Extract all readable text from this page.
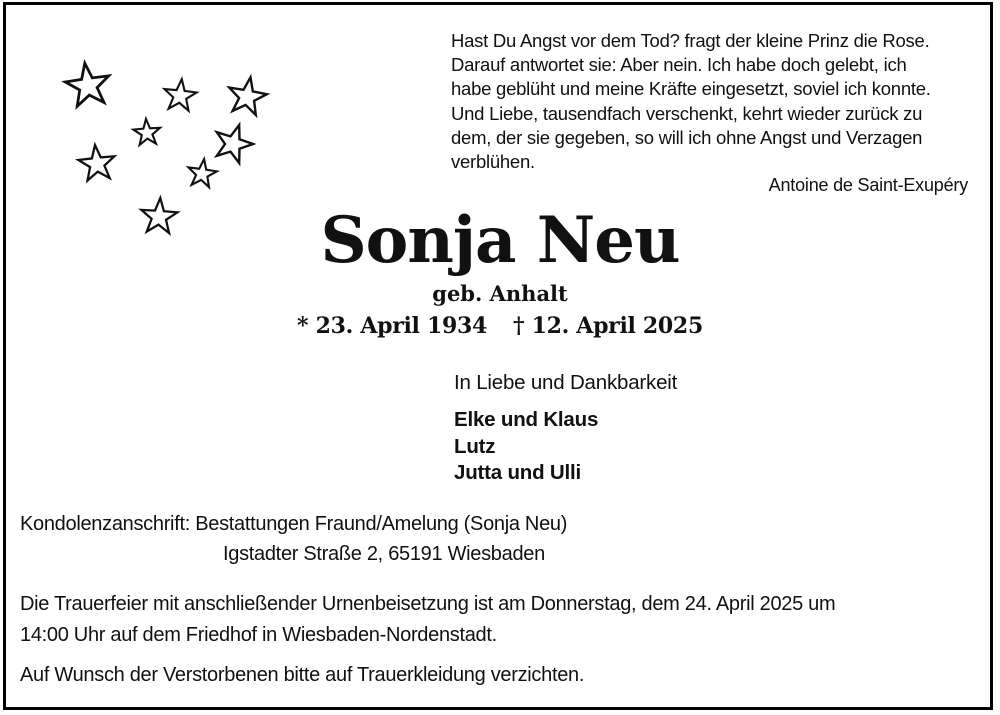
Hast Du Angst vor dem Tod? fragt der kleine Prinz die Rose.
Darauf antwortet sie: Aber nein. Ich habe doch gelebt, ich
habe geblüht und meine Kräfte eingesetzt, soviel ich konnte.
Und Liebe, tausendfach verschenkt, kehrt wieder zurück zu
dem, der sie gegeben, so will ich ohne Angst und Verzagen
verblühen.
Antoine de Saint-Exupéry
Sonja Neu
geb. Anhalt
* 23. April 1934 † 12. April 2025
In Liebe und Dankbarkeit
Elke und Klaus
Lutz
Jutta und Ulli
Kondolenzanschrift: Bestattungen Fraund/Amelung (Sonja Neu)
Igstadter Straße 2, 65191 Wiesbaden
Die Trauerfeier mit anschließender Urnenbeisetzung ist am Donnerstag, dem 24. April 2025 um
14:00 Uhr auf dem Friedhof in Wiesbaden-Nordenstadt.
Auf Wunsch der Verstorbenen bitte auf Trauerkleidung verzichten.
